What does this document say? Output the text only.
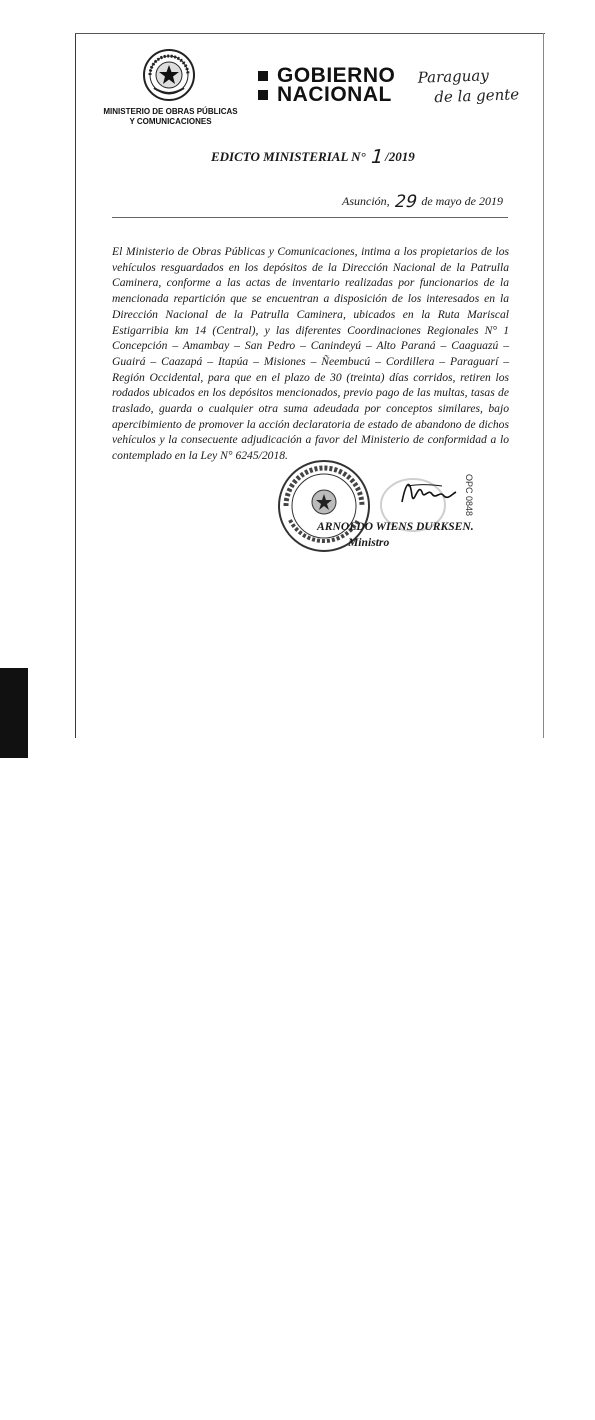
MINISTERIO DE OBRAS PÚBLICAS
Y COMUNICACIONES
GOBIERNO
NACIONAL
Paraguay
de la gente
EDICTO MINISTERIAL N° 1/2019
Asunción, 29 de mayo de 2019
El Ministerio de Obras Públicas y Comunicaciones, intima a los propietarios de los vehículos resguardados en los depósitos de la Dirección Nacional de la Patrulla Caminera, conforme a las actas de inventario realizadas por funcionarios de la mencionada repartición que se encuentran a disposición de los interesados en la Dirección Nacional de la Patrulla Caminera, ubicados en la Ruta Mariscal Estigarribia km 14 (Central), y las diferentes Coordinaciones Regionales N° 1 Concepción – Amambay – San Pedro – Canindeyú – Alto Paraná – Caaguazú – Guairá – Caazapá – Itapúa – Misiones – Ñeembucú – Cordillera – Paraguarí – Región Occidental, para que en el plazo de 30 (treinta) días corridos, retiren los rodados ubicados en los depósitos mencionados, previo pago de las multas, tasas de traslado, guarda o cualquier otra suma adeudada por conceptos similares, bajo apercibimiento de promover la acción declaratoria de estado de abandono de dichos vehículos y la consecuente adjudicación a favor del Ministerio de conformidad a lo contemplado en la Ley N° 6245/2018.
OPC 0848
ARNOLDO WIENS DURKSEN.
Ministro
M.O.P.C.
